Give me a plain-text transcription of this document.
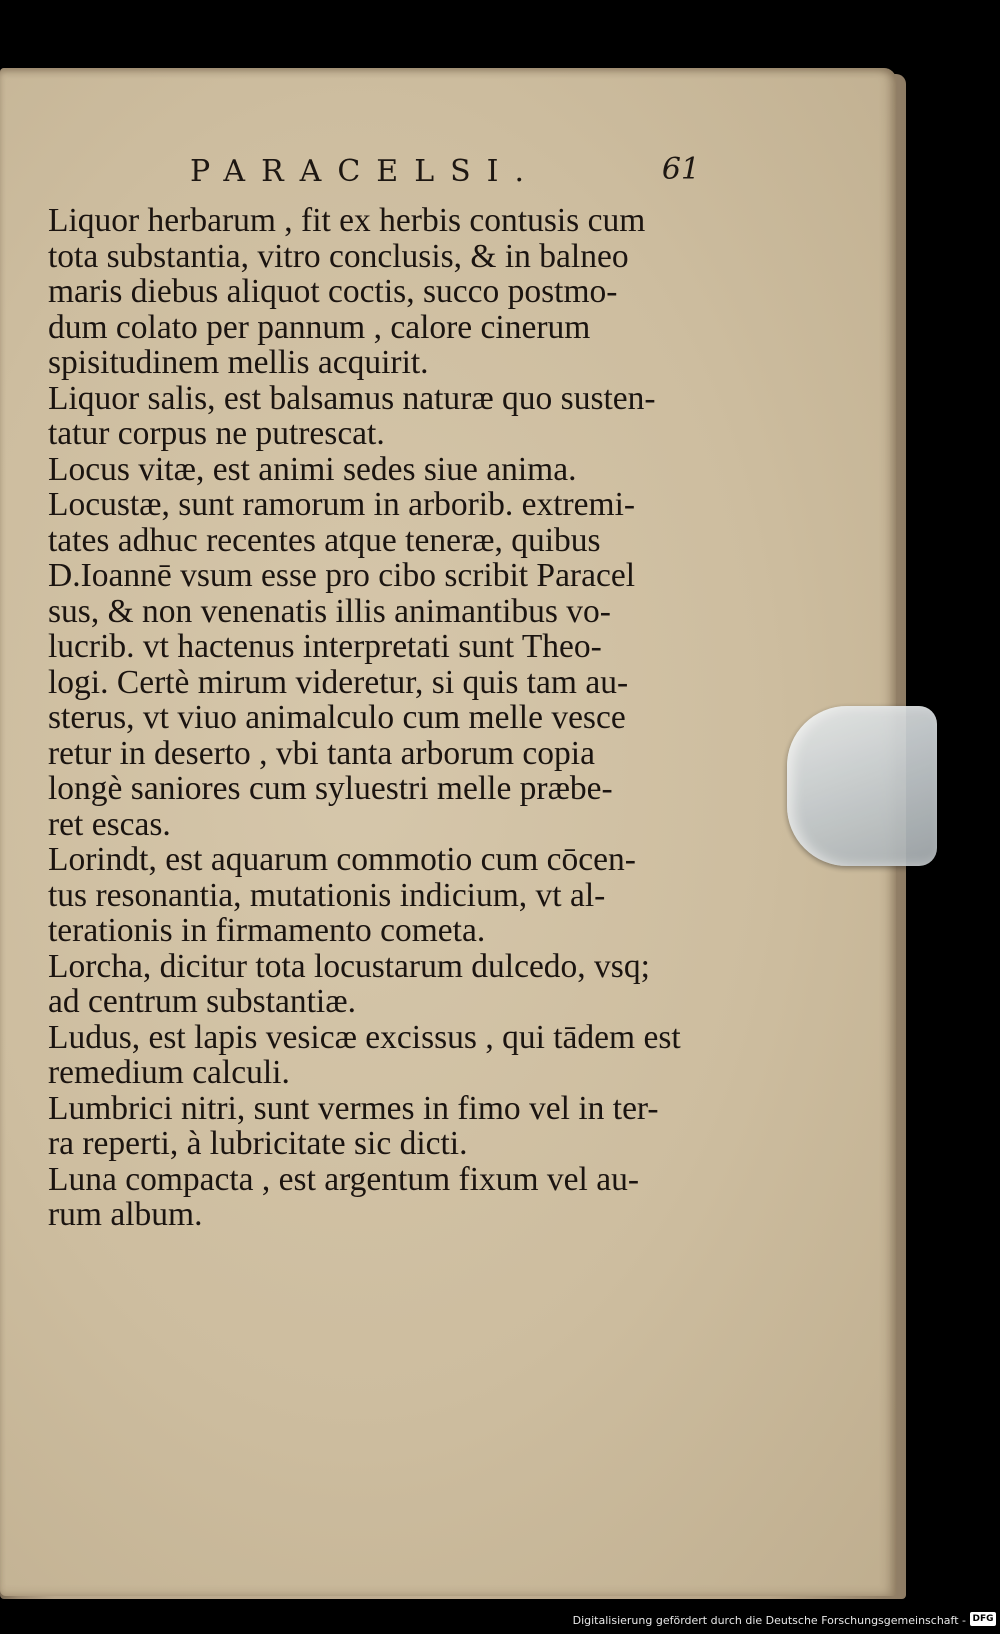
PARACELSI.	61

Liquor herbarum , fit ex herbis contusis cum
tota substantia, vitro conclusis, & in balneo
maris diebus aliquot coctis, succo postmo-
dum colato per pannum , calore cinerum
spisitudinem mellis acquirit.

Liquor salis, est balsamus naturæ quo susten-
tatur corpus ne putrescat.

Locus vitæ, est animi sedes siue anima.

Locustæ, sunt ramorum in arborib. extremi-
tates adhuc recentes atque teneræ, quibus
D.Ioannē vsum esse pro cibo scribit Paracel
sus, & non venenatis illis animantibus vo-
lucrib. vt hactenus interpretati sunt Theo-
logi. Certè mirum videretur, si quis tam au-
sterus, vt viuo animalculo cum melle vesce
retur in deserto , vbi tanta arborum copia
longè saniores cum syluestri melle præbe-
ret escas.

Lorindt, est aquarum commotio cum cōcen-
tus resonantia, mutationis indicium, vt al-
terationis in firmamento cometa.

Lorcha, dicitur tota locustarum dulcedo, vsq;
ad centrum substantiæ.

Ludus, est lapis vesicæ excissus , qui tādem est
remedium calculi.

Lumbrici nitri, sunt vermes in fimo vel in ter-
ra reperti, à lubricitate sic dicti.

Luna compacta , est argentum fixum vel au-
rum album.

Digitalisierung gefördert durch die Deutsche Forschungsgemeinschaft - DFG
